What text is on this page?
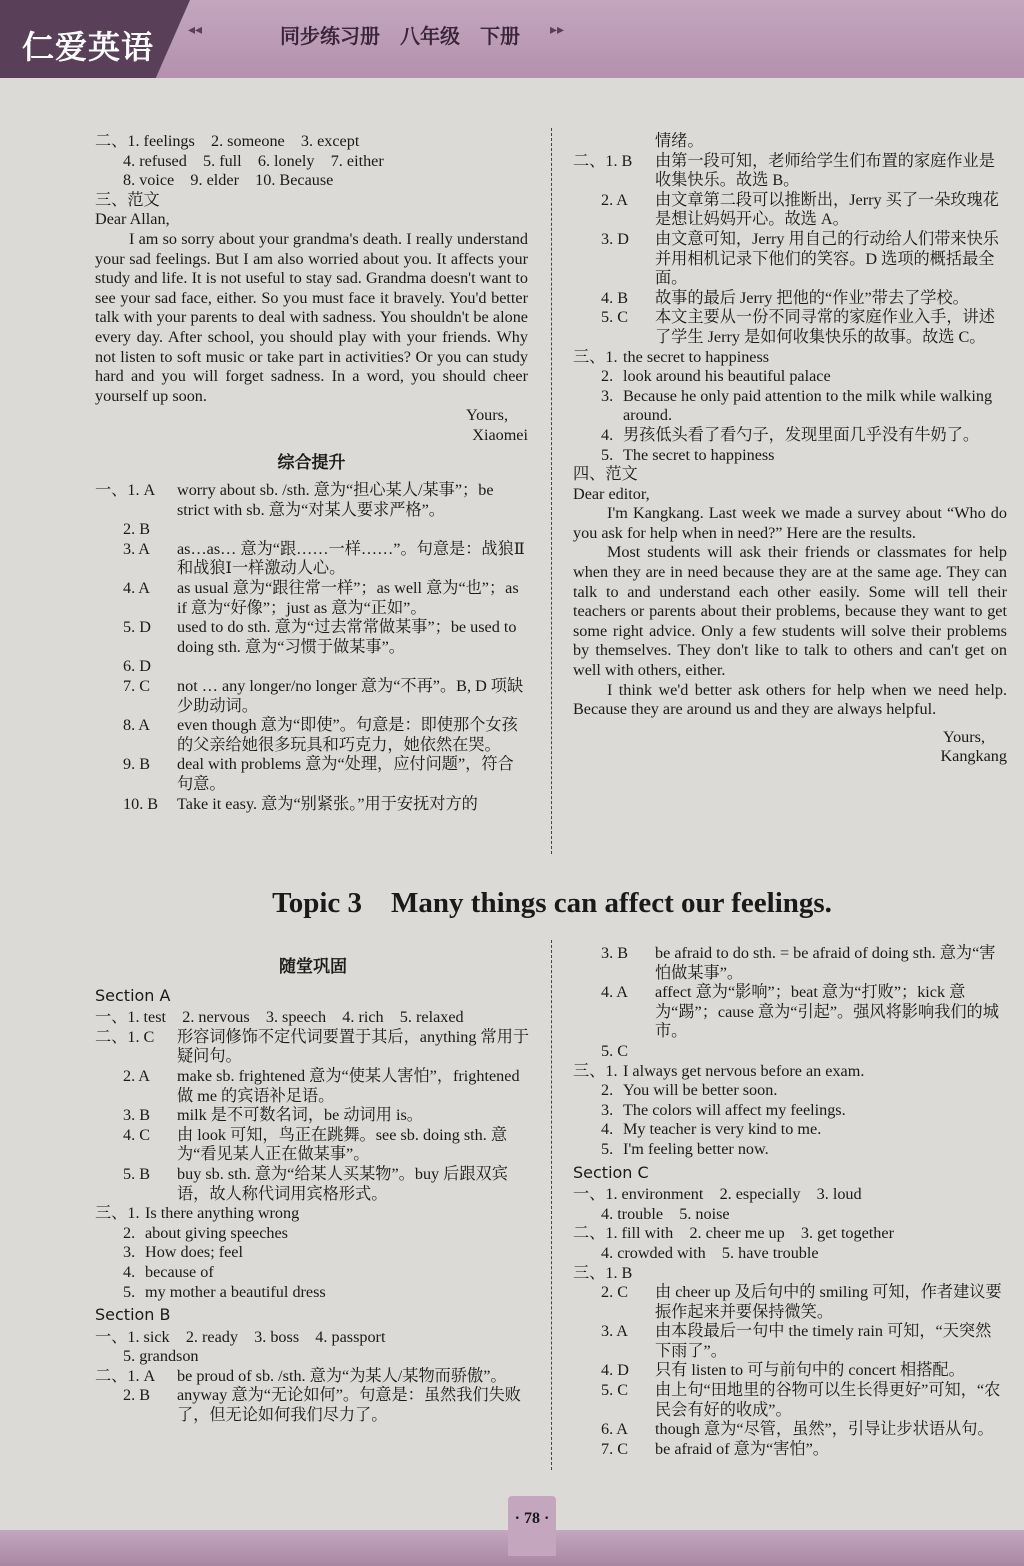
仁爱英语 ◂◂	同步练习册　八年级　下册	▸▸

二、1. feelings　2. someone　3. except

4. refused　5. full　6. lonely　7. either

8. voice　9. elder　10. Because

三、范文

Dear Allan,

I am so sorry about your grandma's death. I really understand your sad feelings. But I am also worried about you. It affects your study and life. It is not useful to stay sad. Grandma doesn't want to see your sad face, either. So you must face it bravely. You'd better talk with your parents to deal with sadness. You shouldn't be alone every day. After school, you should play with your friends. Why not listen to soft music or take part in activities? Or you can study hard and you will forget sadness. In a word, you should cheer yourself up soon.

Yours,

Xiaomei

综合提升

一、1. A	worry about sb. /sth. 意为“担心某人/某事”；be strict with sb. 意为“对某人要求严格”。
2. B
3. A	as…as… 意为“跟……一样……”。句意是：战狼Ⅱ和战狼Ⅰ一样激动人心。
4. A	as usual 意为“跟往常一样”；as well 意为“也”；as if 意为“好像”；just as 意为“正如”。
5. D	used to do sth. 意为“过去常常做某事”；be used to doing sth. 意为“习惯于做某事”。
6. D
7. C	not … any longer/no longer 意为“不再”。B, D 项缺少助动词。
8. A	even though 意为“即使”。句意是：即使那个女孩的父亲给她很多玩具和巧克力，她依然在哭。
9. B	deal with problems 意为“处理，应付问题”，符合句意。
10. B	Take it easy. 意为“别紧张。”用于安抚对方的

情绪。

二、1. B	由第一段可知，老师给学生们布置的家庭作业是收集快乐。故选 B。
2. A	由文章第二段可以推断出，Jerry 买了一朵玫瑰花是想让妈妈开心。故选 A。
3. D	由文意可知，Jerry 用自己的行动给人们带来快乐并用相机记录下他们的笑容。D 选项的概括最全面。
4. B	故事的最后 Jerry 把他的“作业”带去了学校。
5. C	本文主要从一份不同寻常的家庭作业入手，讲述了学生 Jerry 是如何收集快乐的故事。故选 C。
三、1. the secret to happiness
2. look around his beautiful palace
3. Because he only paid attention to the milk while walking around.
4. 男孩低头看了看勺子，发现里面几乎没有牛奶了。
5. The secret to happiness

四、范文

Dear editor,

I'm Kangkang. Last week we made a survey about “Who do you ask for help when in need?” Here are the results.

Most students will ask their friends or classmates for help when they are in need because they are at the same age. They can talk to and understand each other easily. Some will tell their teachers or parents about their problems, because they want to get some right advice. Only a few students will solve their problems by themselves. They don't like to talk to others and can't get on well with others, either.

I think we'd better ask others for help when we need help. Because they are around us and they are always helpful.

Yours,

Kangkang

Topic 3　Many things can affect our feelings.

随堂巩固

Section A

一、1. test　2. nervous　3. speech　4. rich　5. relaxed

二、1. C	形容词修饰不定代词要置于其后，anything 常用于疑问句。
2. A	make sb. frightened 意为“使某人害怕”，frightened 做 me 的宾语补足语。
3. B	milk 是不可数名词，be 动词用 is。
4. C	由 look 可知，鸟正在跳舞。see sb. doing sth. 意为“看见某人正在做某事”。
5. B	buy sb. sth. 意为“给某人买某物”。buy 后跟双宾语，故人称代词用宾格形式。
三、1. Is there anything wrong
2. about giving speeches
3. How does; feel
4. because of
5. my mother a beautiful dress

Section B

一、1. sick　2. ready　3. boss　4. passport

5. grandson

二、1. A	be proud of sb. /sth. 意为“为某人/某物而骄傲”。
2. B	anyway 意为“无论如何”。句意是：虽然我们失败了，但无论如何我们尽力了。
3. B	be afraid to do sth. = be afraid of doing sth. 意为“害怕做某事”。
4. A	affect 意为“影响”；beat 意为“打败”；kick 意为“踢”；cause 意为“引起”。强风将影响我们的城市。
5. C
三、1. I always get nervous before an exam.
2. You will be better soon.
3. The colors will affect my feelings.
4. My teacher is very kind to me.
5. I'm feeling better now.

Section C

一、1. environment　2. especially　3. loud

4. trouble　5. noise

二、1. fill with　2. cheer me up　3. get together

4. crowded with　5. have trouble

三、1. B
2. C	由 cheer up 及后句中的 smiling 可知，作者建议要振作起来并要保持微笑。
3. A	由本段最后一句中 the timely rain 可知，“天突然下雨了”。
4. D	只有 listen to 可与前句中的 concert 相搭配。
5. C	由上句“田地里的谷物可以生长得更好”可知，“农民会有好的收成”。
6. A	though 意为“尽管，虽然”，引导让步状语从句。
7. C	be afraid of 意为“害怕”。
· 78 ·
